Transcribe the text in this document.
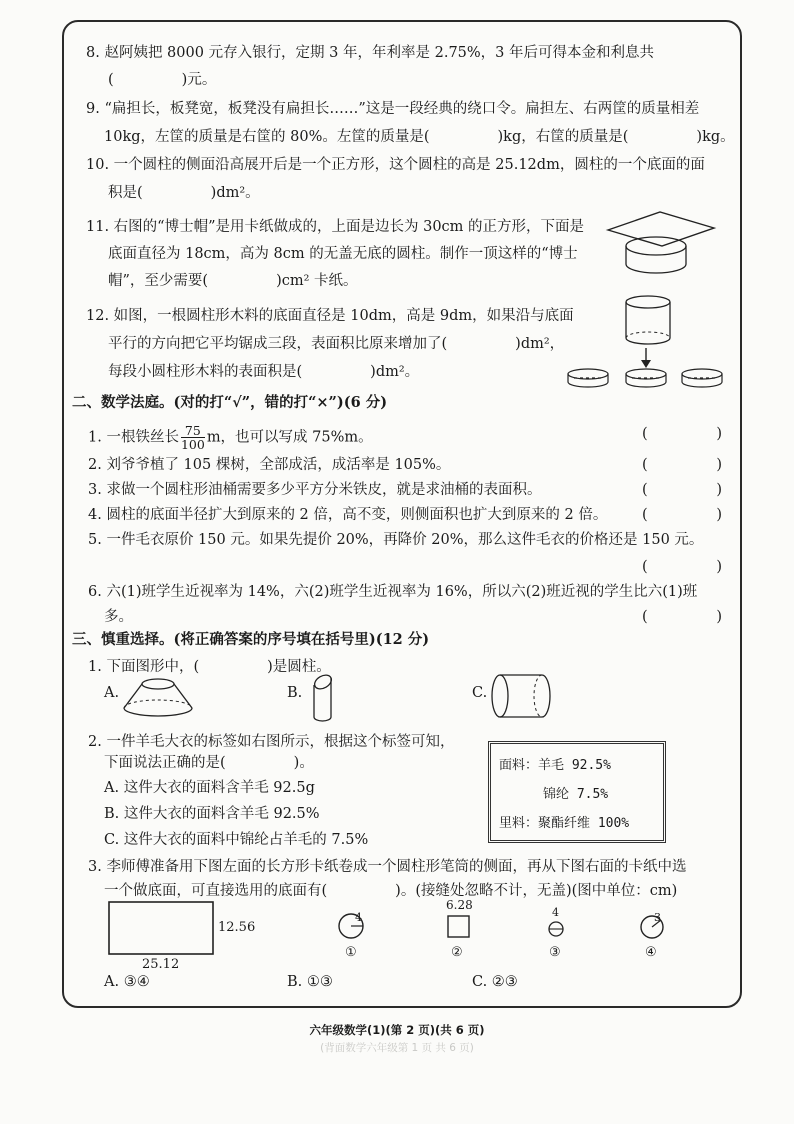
8. 赵阿姨把 8000 元存入银行，定期 3 年，年利率是 2.75%，3 年后可得本金和利息共
(	)元。
9. “扁担长，板凳宽，板凳没有扁担长……”这是一段经典的绕口令。扁担左、右两筐的质量相差
10kg，左筐的质量是右筐的 80%。左筐的质量是(	)kg，右筐的质量是(	)kg。
10. 一个圆柱的侧面沿高展开后是一个正方形，这个圆柱的高是 25.12dm，圆柱的一个底面的面
积是(	)dm²。
11. 右图的“博士帽”是用卡纸做成的，上面是边长为 30cm 的正方形，下面是
底面直径为 18cm，高为 8cm 的无盖无底的圆柱。制作一顶这样的“博士
帽”，至少需要(	)cm² 卡纸。
12. 如图，一根圆柱形木料的底面直径是 10dm，高是 9dm，如果沿与底面
平行的方向把它平均锯成三段，表面积比原来增加了(	)dm²，
每段小圆柱形木料的表面积是(	)dm²。
二、数学法庭。(对的打“√”，错的打“×”)(6 分)
1. 一根铁丝长 $\frac{75}{100}$ m，也可以写成 75%m。	(	)
2. 刘爷爷植了 105 棵树，全部成活，成活率是 105%。	(	)
3. 求做一个圆柱形油桶需要多少平方分米铁皮，就是求油桶的表面积。	(	)
4. 圆柱的底面半径扩大到原来的 2 倍，高不变，则侧面积也扩大到原来的 2 倍。 (	)
5. 一件毛衣原价 150 元。如果先提价 20%，再降价 20%，那么这件毛衣的价格还是 150 元。
(	)
6. 六(1)班学生近视率为 14%，六(2)班学生近视率为 16%，所以六(2)班近视的学生比六(1)班
多。	(	)
三、慎重选择。(将正确答案的序号填在括号里)(12 分)
1. 下面图形中，(	)是圆柱。
A.	B.	C.
2. 一件羊毛大衣的标签如右图所示，根据这个标签可知，
下面说法正确的是(	)。
A. 这件大衣的面料含羊毛 92.5g
B. 这件大衣的面料含羊毛 92.5%
C. 这件大衣的面料中锦纶占羊毛的 7.5%
面料：羊毛 92.5%
锦纶 7.5%
里料：聚酯纤维 100%
3. 李师傅准备用下图左面的长方形卡纸卷成一个圆柱形笔筒的侧面，再从下图右面的卡纸中选
一个做底面，可直接选用的底面有(	)。(接缝处忽略不计，无盖)(图中单位：cm)
12.56
25.12
4
①
6.28
②
4
③
3
④
A. ③④	B. ①③	C. ②③
六年级数学(1)(第 2 页)(共 6 页)
(背面数学六年级第 1 页 共 6 页)
